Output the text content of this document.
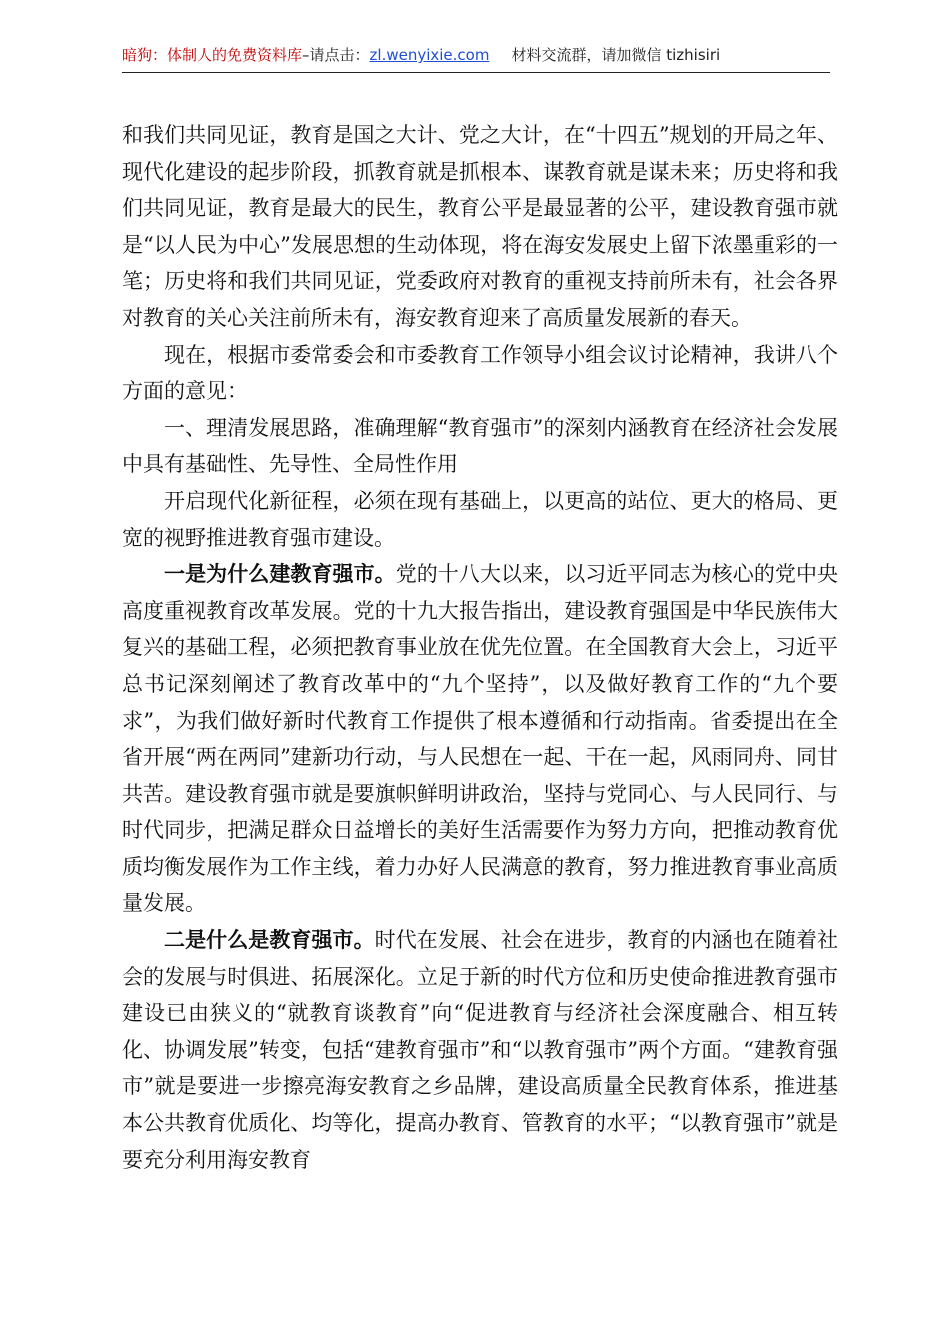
暗狗：体制人的免费资料库–请点击：zl.wenyixie.com 材料交流群，请加微信 tizhisiri

和我们共同见证，教育是国之大计、党之大计，在“十四五”规划的开局之年、现代化建设的起步阶段，抓教育就是抓根本、谋教育就是谋未来；历史将和我们共同见证，教育是最大的民生，教育公平是最显著的公平，建设教育强市就是“以人民为中心”发展思想的生动体现，将在海安发展史上留下浓墨重彩的一笔；历史将和我们共同见证，党委政府对教育的重视支持前所未有，社会各界对教育的关心关注前所未有，海安教育迎来了高质量发展新的春天。

现在，根据市委常委会和市委教育工作领导小组会议讨论精神，我讲八个方面的意见：

一、理清发展思路，准确理解“教育强市”的深刻内涵教育在经济社会发展中具有基础性、先导性、全局性作用

开启现代化新征程，必须在现有基础上，以更高的站位、更大的格局、更宽的视野推进教育强市建设。

一是为什么建教育强市。党的十八大以来，以习近平同志为核心的党中央高度重视教育改革发展。党的十九大报告指出，建设教育强国是中华民族伟大复兴的基础工程，必须把教育事业放在优先位置。在全国教育大会上，习近平总书记深刻阐述了教育改革中的“九个坚持”，以及做好教育工作的“九个要求”，为我们做好新时代教育工作提供了根本遵循和行动指南。省委提出在全省开展“两在两同”建新功行动，与人民想在一起、干在一起，风雨同舟、同甘共苦。建设教育强市就是要旗帜鲜明讲政治，坚持与党同心、与人民同行、与时代同步，把满足群众日益增长的美好生活需要作为努力方向，把推动教育优质均衡发展作为工作主线，着力办好人民满意的教育，努力推进教育事业高质量发展。

二是什么是教育强市。时代在发展、社会在进步，教育的内涵也在随着社会的发展与时俱进、拓展深化。立足于新的时代方位和历史使命推进教育强市建设已由狭义的“就教育谈教育”向“促进教育与经济社会深度融合、相互转化、协调发展”转变，包括“建教育强市”和“以教育强市”两个方面。“建教育强市”就是要进一步擦亮海安教育之乡品牌，建设高质量全民教育体系，推进基本公共教育优质化、均等化，提高办教育、管教育的水平；“以教育强市”就是要充分利用海安教育
